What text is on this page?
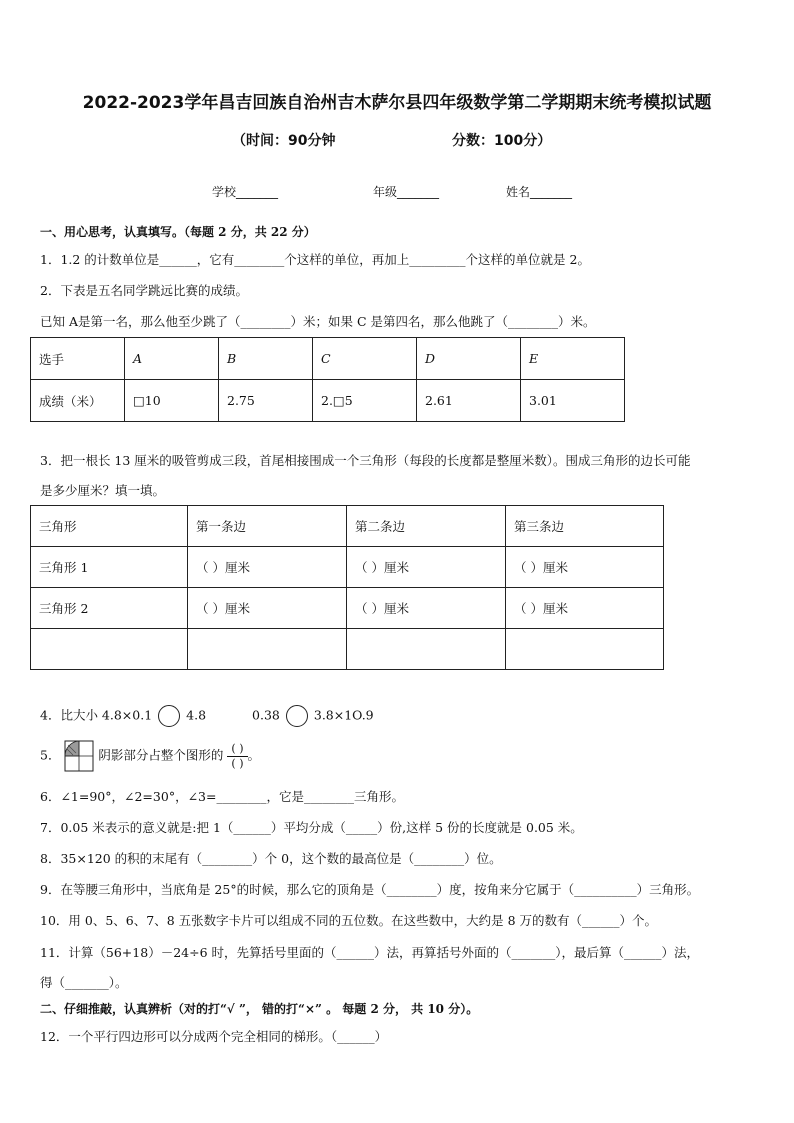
2022-2023学年昌吉回族自治州吉木萨尔县四年级数学第二学期期末统考模拟试题
（时间：90分钟	分数：100分）
学校_______	年级_______	姓名_______
一、用心思考，认真填写。（每题 2 分，共 22 分）
1．1.2 的计数单位是______，它有________个这样的单位，再加上_________个这样的单位就是 2。
2．下表是五名同学跳远比赛的成绩。
已知 A是第一名，那么他至少跳了（________）米；如果 C 是第四名，那么他跳了（________）米。
选手	A	B	C	D	E
成绩（米）	□10	2.75	2.□5	2.61	3.01
3．把一根长 13 厘米的吸管剪成三段，首尾相接围成一个三角形（每段的长度都是整厘米数）。围成三角形的边长可能
是多少厘米？填一填。
三角形	第一条边	第二条边	第三条边
三角形 1	（ ）厘米	（ ）厘米	（ ）厘米
三角形 2	（ ）厘米	（ ）厘米	（ ）厘米

4．比大小 4.8×0.1	4.8	0.38	3.8×1O.9
5．	阴影部分占整个图形的 $\frac{( )}{( )}$ 。
6．∠1=90°，∠2=30°，∠3=________，它是________三角形。
7．0.05 米表示的意义就是:把 1（______）平均分成（_____）份,这样 5 份的长度就是 0.05 米。
8．35×120 的积的末尾有（________）个 0，这个数的最高位是（________）位。
9．在等腰三角形中，当底角是 25°的时候，那么它的顶角是（________）度，按角来分它属于（__________）三角形。
10．用 0、5、6、7、8 五张数字卡片可以组成不同的五位数。在这些数中，大约是 8 万的数有（______）个。
11．计算（56+18）－24÷6 时，先算括号里面的（______）法，再算括号外面的（_______），最后算（______）法，
得（_______）。
二、仔细推敲，认真辨析（对的打“√ ”， 错的打“×” 。 每题 2 分， 共 10 分）。
12．一个平行四边形可以分成两个完全相同的梯形。（______）
